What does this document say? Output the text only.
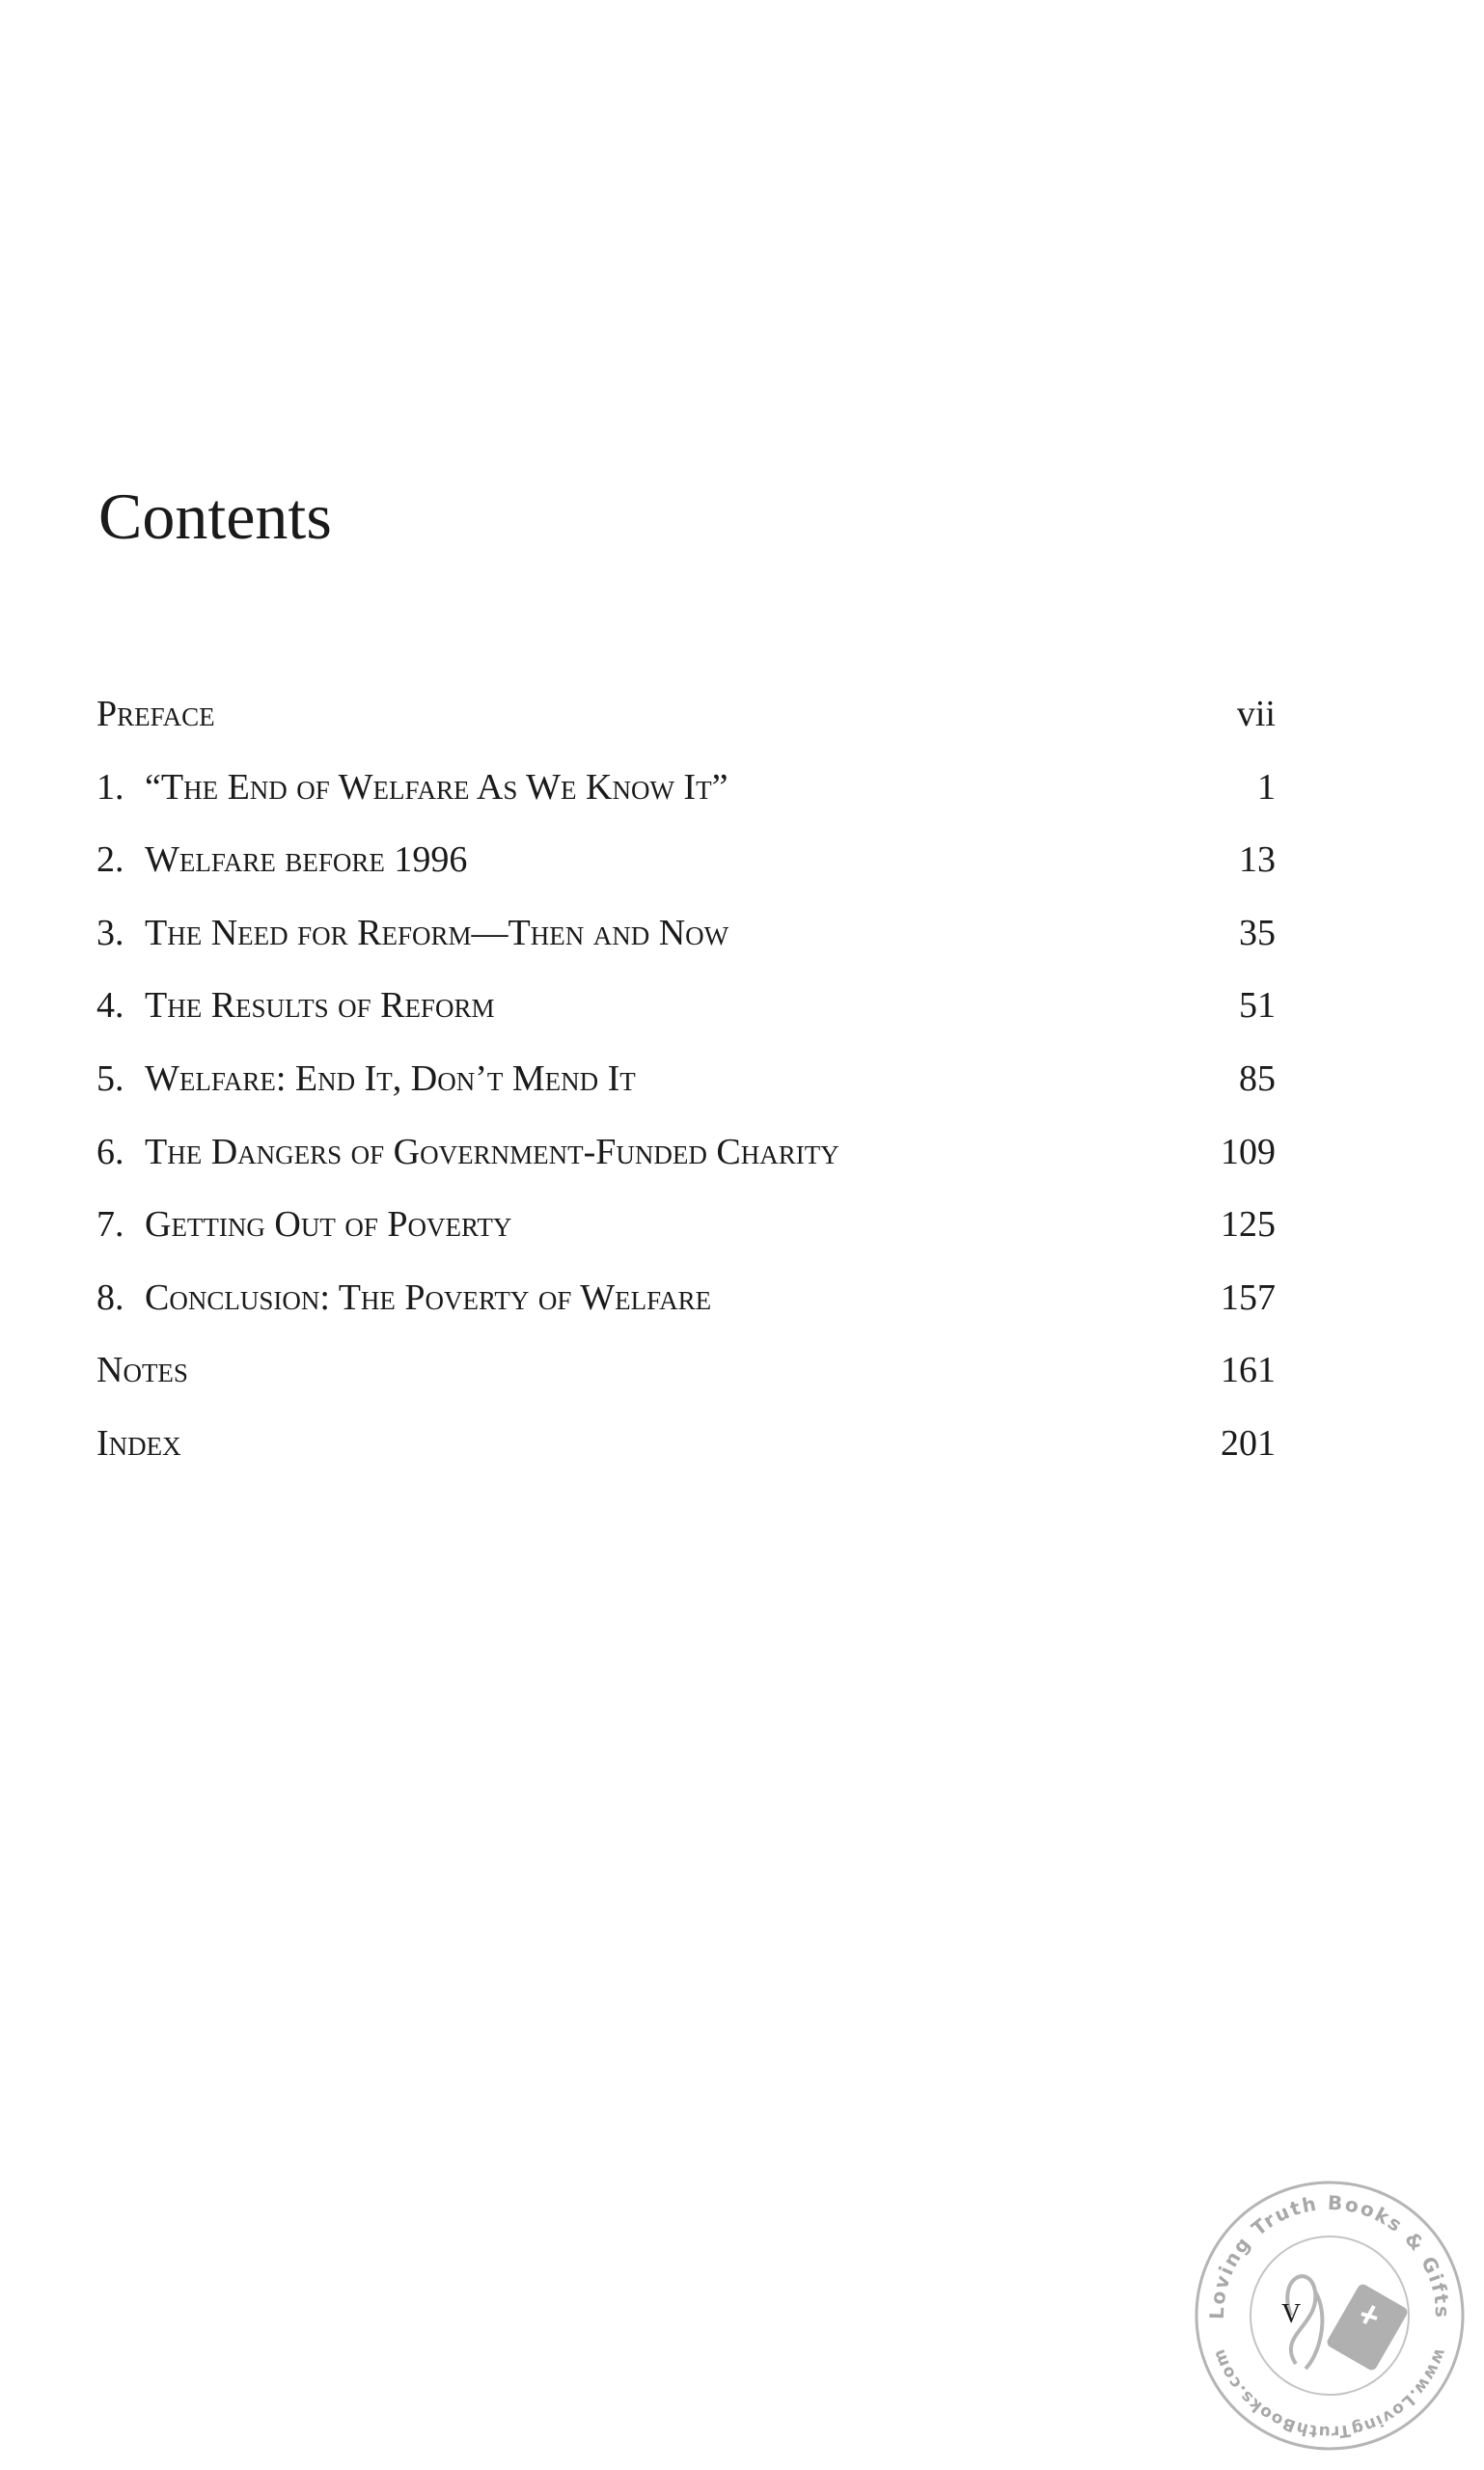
Contents
Preface	vii
1. “The End of Welfare As We Know It”	1
2. Welfare before 1996	13
3. The Need for Reform—Then and Now	35
4. The Results of Reform	51
5. Welfare: End It, Don’t Mend It	85
6. The Dangers of Government-Funded Charity	109
7. Getting Out of Poverty	125
8. Conclusion: The Poverty of Welfare	157
Notes	161
Index	201
Loving Truth Books & Gifts
www.LovingTruthBooks.com
v
